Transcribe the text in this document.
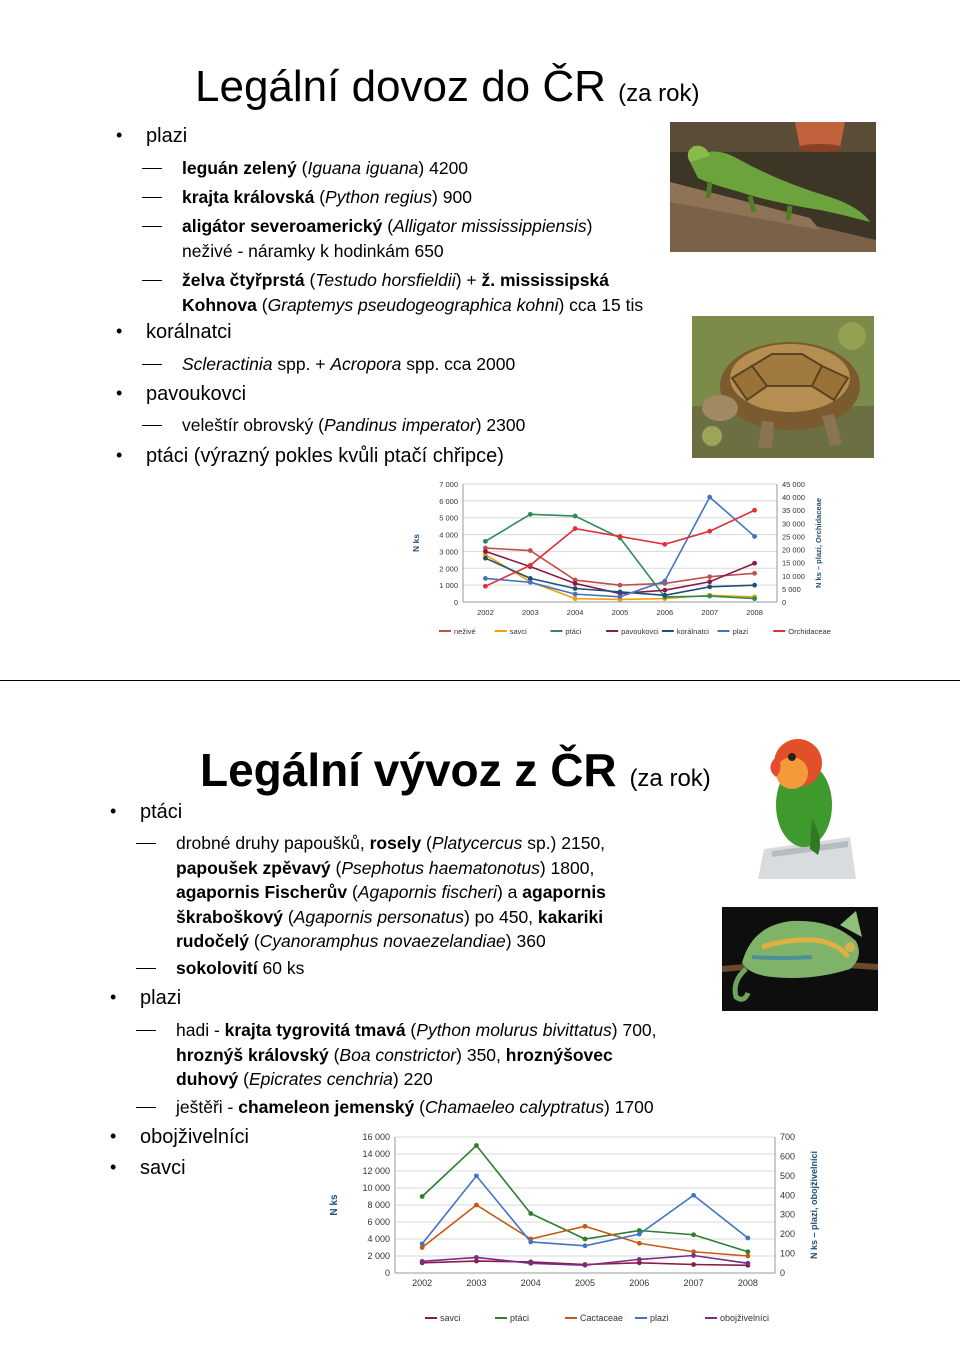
Legální dovoz do ČR (za rok)
• plazi
leguán zelený (Iguana iguana) 4200
krajta královská (Python regius) 900
aligátor severoamerický (Alligator mississippiensis)
neživé - náramky k hodinkám 650
želva čtyřprstá (Testudo horsfieldii) + ž. mississipská
Kohnova (Graptemys pseudogeographica kohni) cca 15 tis
• korálnatci
Scleractinia spp. + Acropora spp. cca 2000
• pavoukovci
veleštír obrovský (Pandinus imperator) 2300
• ptáci (výrazný pokles kvůli ptačí chřipce)
7 000
6 000
5 000
4 000
3 000
2 000
1 000
0
45 000
40 000
35 000
30 000
25 000
20 000
15 000
10 000
5 000
0
2002	2003	2004	2005	2006	2007	2008
N ks	N ks – plazi, Orchidaceae
neživé	savci	ptáci	pavoukovci korálnatci	plazi	Orchidaceae
Legální vývoz z ČR (za rok)
• ptáci
drobné druhy papoušků, rosely (Platycercus sp.) 2150,
papoušek zpěvavý (Psephotus haematonotus) 1800,
agapornis Fischerův (Agapornis fischeri) a agapornis
škraboškový (Agapornis personatus) po 450, kakariki
rudočelý (Cyanoramphus novaezelandiae) 360
sokolovití 60 ks
• plazi
hadi - krajta tygrovitá tmavá (Python molurus bivittatus) 700,
hroznýš královský (Boa constrictor) 350, hroznýšovec
duhový (Epicrates cenchria) 220
ještěři - chameleon jemenský (Chamaeleo calyptratus) 1700
• obojživelníci
• savci
16 000
14 000
12 000
10 000
8 000
6 000
4 000
2 000
0
700
600
500
400
300
200
100
0
2002	2003	2004	2005	2006	2007	2008
N ks	N ks – plazi, obojživelníci
savci	ptáci	Cactaceae	plazi	obojživelníci
